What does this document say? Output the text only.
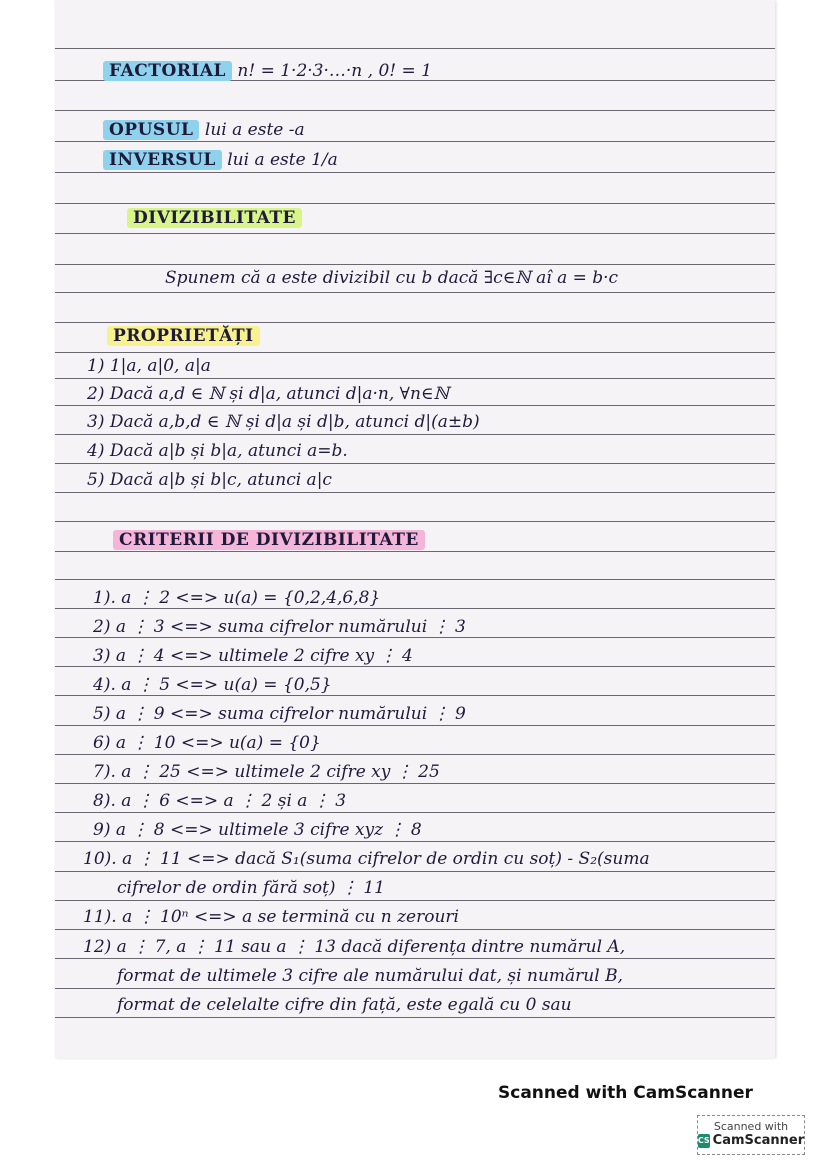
FACTORIAL n! = 1·2·3·…·n , 0! = 1
OPUSUL lui a este -a
INVERSUL lui a este 1/a
DIVIZIBILITATE
Spunem că a este divizibil cu b dacă ∃c∈ℕ aî a = b·c
PROPRIETĂȚI
1) 1|a, a|0, a|a
2) Dacă a,d ∈ ℕ și d|a, atunci d|a·n, ∀n∈ℕ
3) Dacă a,b,d ∈ ℕ și d|a și d|b, atunci d|(a±b)
4) Dacă a|b și b|a, atunci a=b.
5) Dacă a|b și b|c, atunci a|c
CRITERII DE DIVIZIBILITATE
1). a ⋮ 2 <=> u(a) = {0,2,4,6,8}
2) a ⋮ 3 <=> suma cifrelor numărului ⋮ 3
3) a ⋮ 4 <=> ultimele 2 cifre xy ⋮ 4
4). a ⋮ 5 <=> u(a) = {0,5}
5) a ⋮ 9 <=> suma cifrelor numărului ⋮ 9
6) a ⋮ 10 <=> u(a) = {0}
7). a ⋮ 25 <=> ultimele 2 cifre xy ⋮ 25
8). a ⋮ 6 <=> a ⋮ 2 și a ⋮ 3
9) a ⋮ 8 <=> ultimele 3 cifre xyz ⋮ 8
10). a ⋮ 11 <=> dacă S₁(suma cifrelor de ordin cu soț) - S₂(suma
cifrelor de ordin fără soț) ⋮ 11
11). a ⋮ 10ⁿ <=> a se termină cu n zerouri
12) a ⋮ 7, a ⋮ 11 sau a ⋮ 13 dacă diferența dintre numărul A,
format de ultimele 3 cifre ale numărului dat, și numărul B,
format de celelalte cifre din față, este egală cu 0 sau
Scanned with CamScanner
Scanned with
CS CamScanner
